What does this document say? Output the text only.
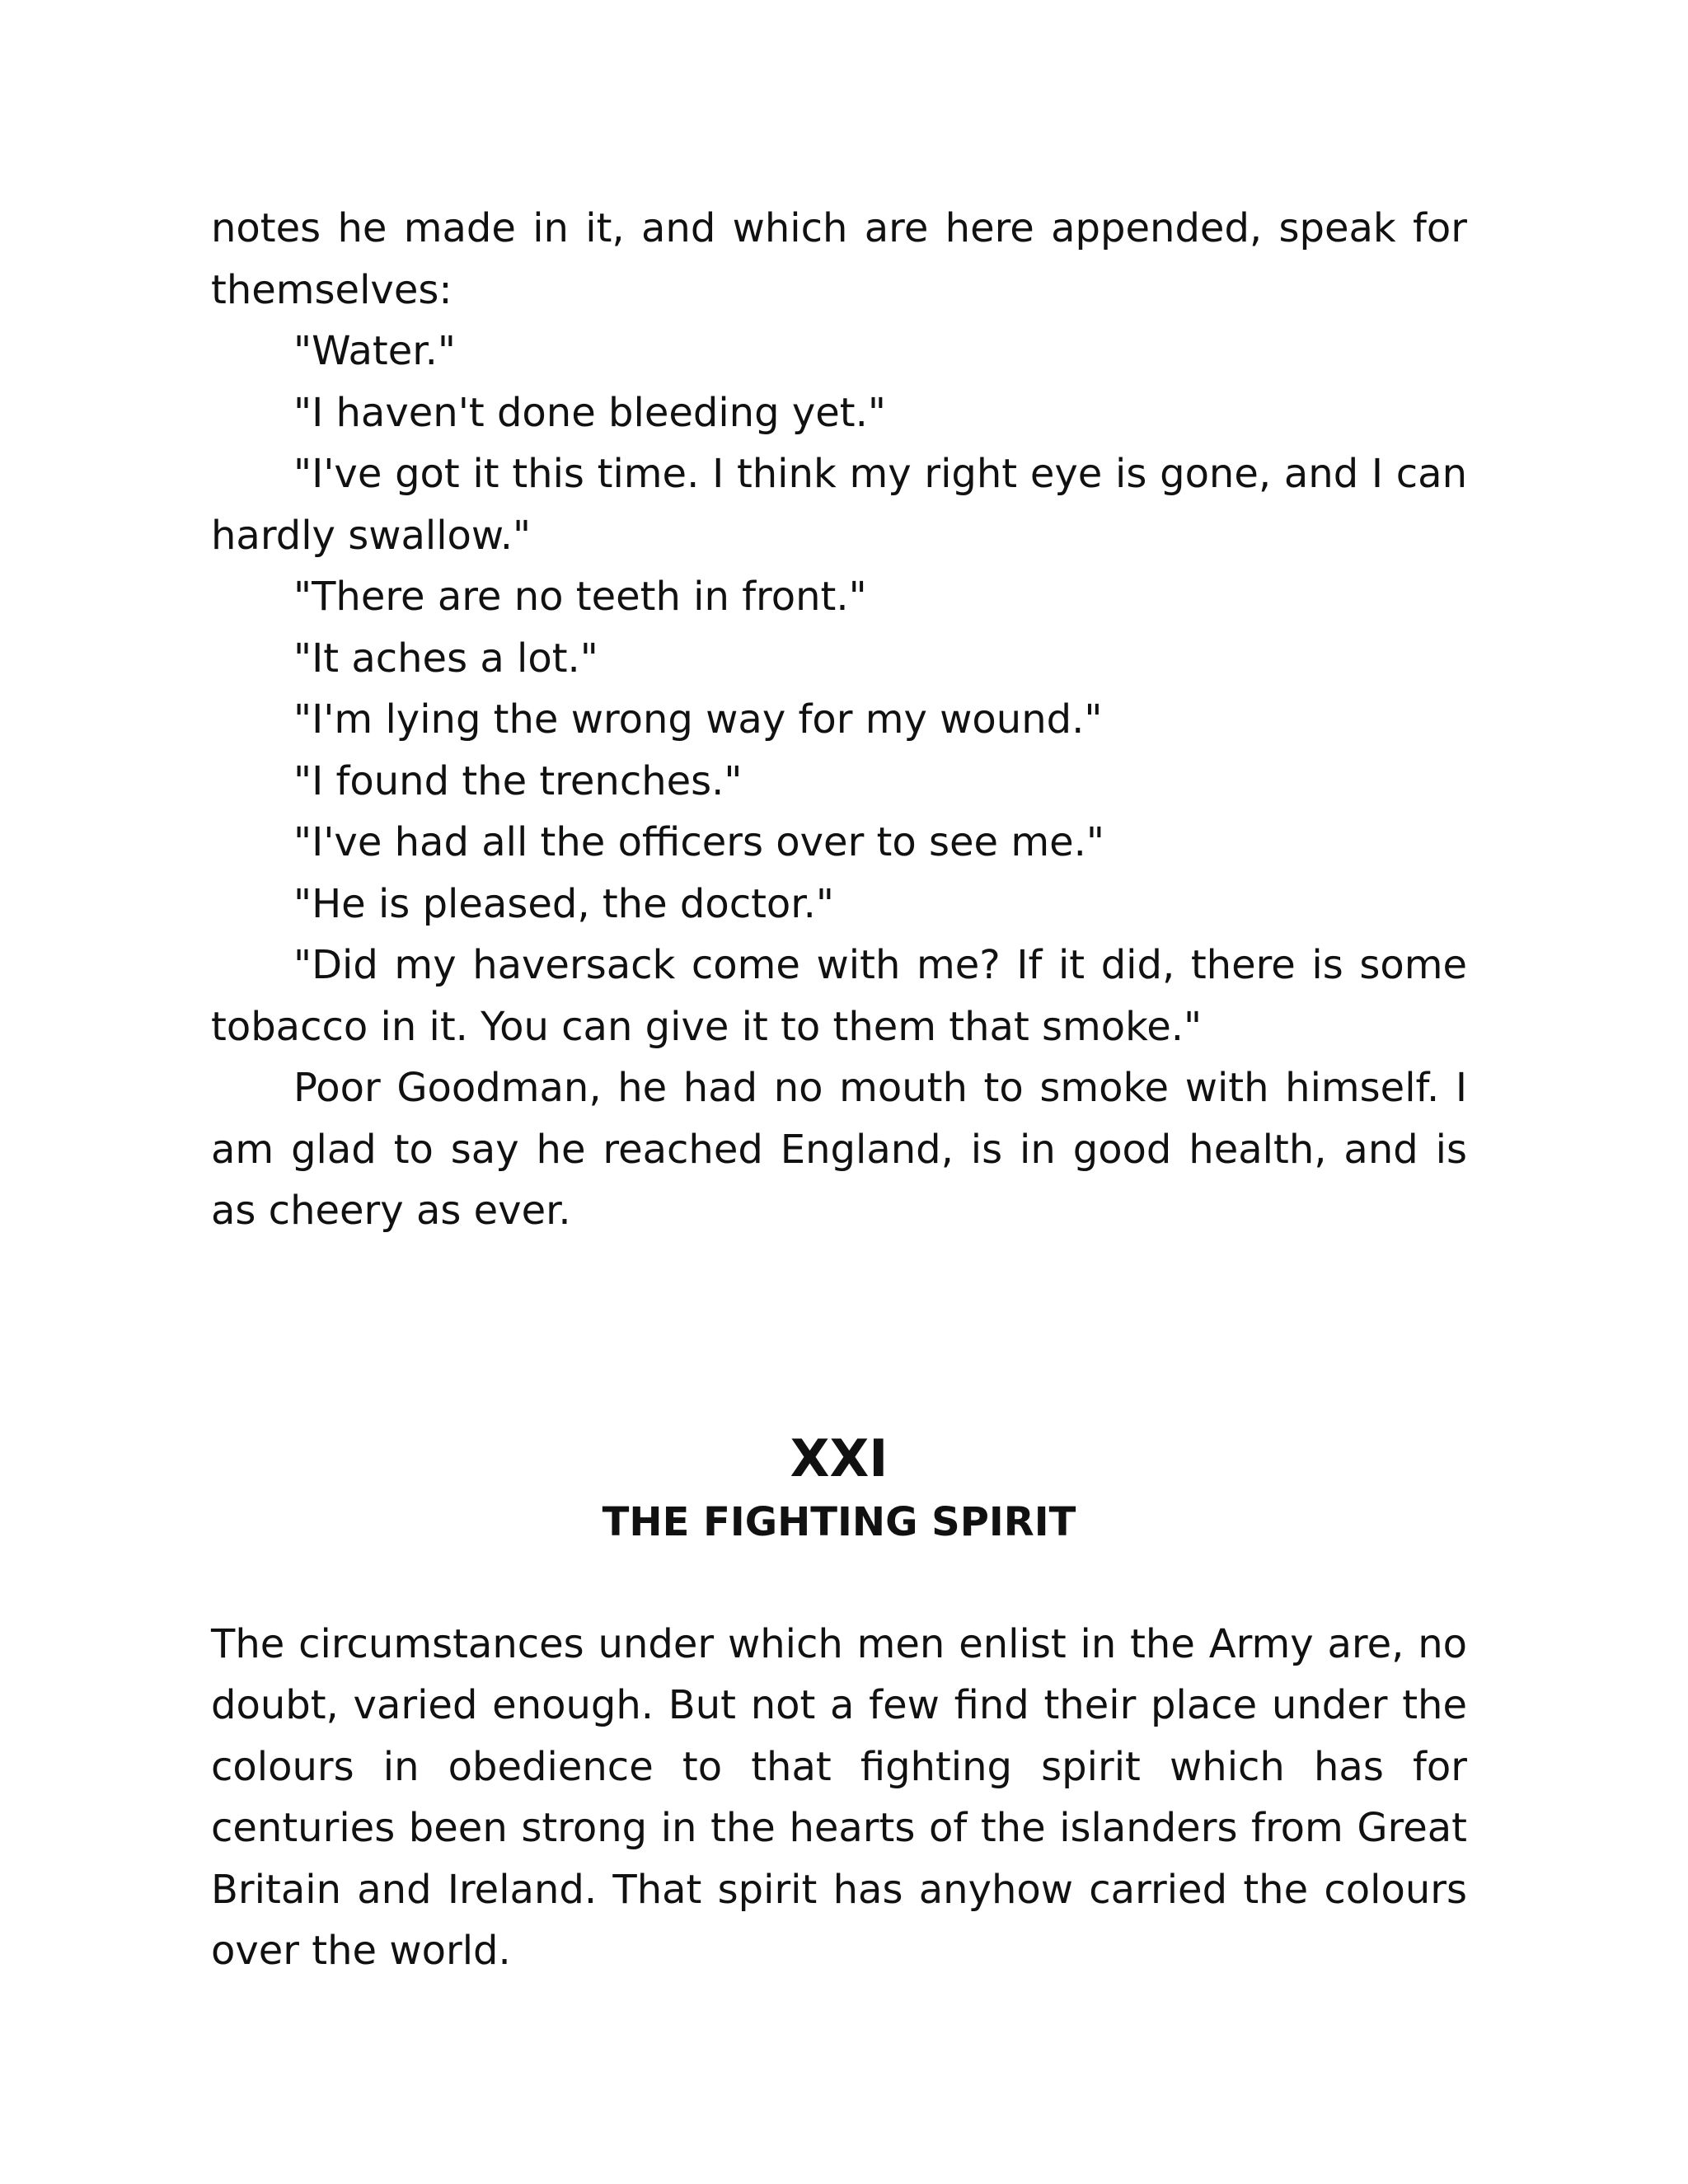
notes he made in it, and which are here appended, speak for themselves:

"Water."

"I haven't done bleeding yet."

"I've got it this time. I think my right eye is gone, and I can hardly swallow."

"There are no teeth in front."

"It aches a lot."

"I'm lying the wrong way for my wound."

"I found the trenches."

"I've had all the officers over to see me."

"He is pleased, the doctor."

"Did my haversack come with me? If it did, there is some tobacco in it. You can give it to them that smoke."

Poor Goodman, he had no mouth to smoke with himself. I am glad to say he reached England, is in good health, and is as cheery as ever.

XXI
THE FIGHTING SPIRIT

The circumstances under which men enlist in the Army are, no doubt, varied enough. But not a few find their place under the colours in obedience to that fighting spirit which has for centuries been strong in the hearts of the islanders from Great Britain and Ireland. That spirit has anyhow carried the colours over the world.
